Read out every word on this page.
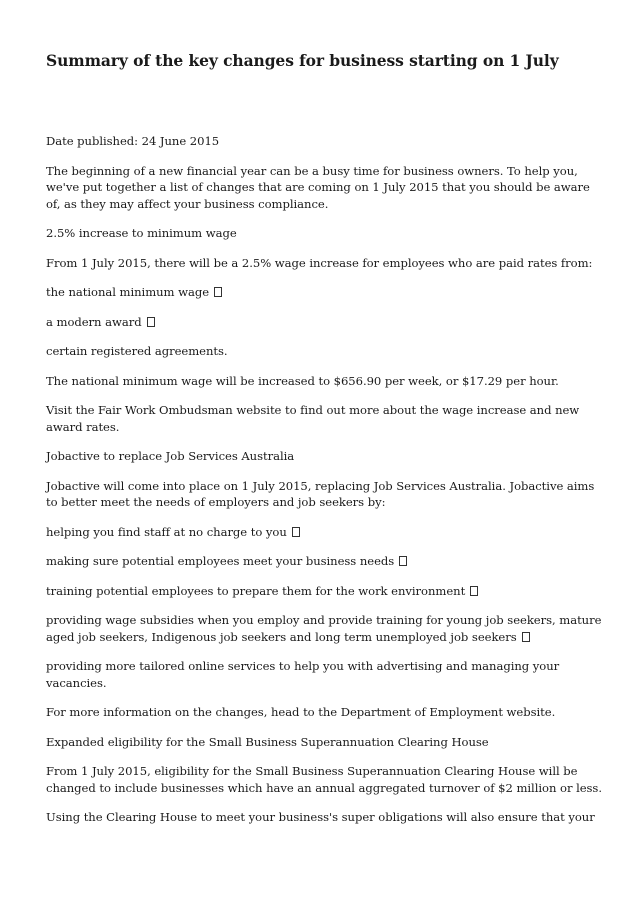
Summary of the key changes for business starting on 1 July

Date published: 24 June 2015

The beginning of a new financial year can be a busy time for business owners. To help you, we've put together a list of changes that are coming on 1 July 2015 that you should be aware of, as they may affect your business compliance.

2.5% increase to minimum wage

From 1 July 2015, there will be a 2.5% wage increase for employees who are paid rates from:

the national minimum wage

a modern award

certain registered agreements.

The national minimum wage will be increased to $656.90 per week, or $17.29 per hour.

Visit the Fair Work Ombudsman website to find out more about the wage increase and new award rates.

Jobactive to replace Job Services Australia

Jobactive will come into place on 1 July 2015, replacing Job Services Australia. Jobactive aims to better meet the needs of employers and job seekers by:

helping you find staff at no charge to you

making sure potential employees meet your business needs

training potential employees to prepare them for the work environment

providing wage subsidies when you employ and provide training for young job seekers, mature aged job seekers, Indigenous job seekers and long term unemployed job seekers

providing more tailored online services to help you with advertising and managing your vacancies.

For more information on the changes, head to the Department of Employment website.

Expanded eligibility for the Small Business Superannuation Clearing House

From 1 July 2015, eligibility for the Small Business Superannuation Clearing House will be changed to include businesses which have an annual aggregated turnover of $2 million or less.

Using the Clearing House to meet your business's super obligations will also ensure that your
